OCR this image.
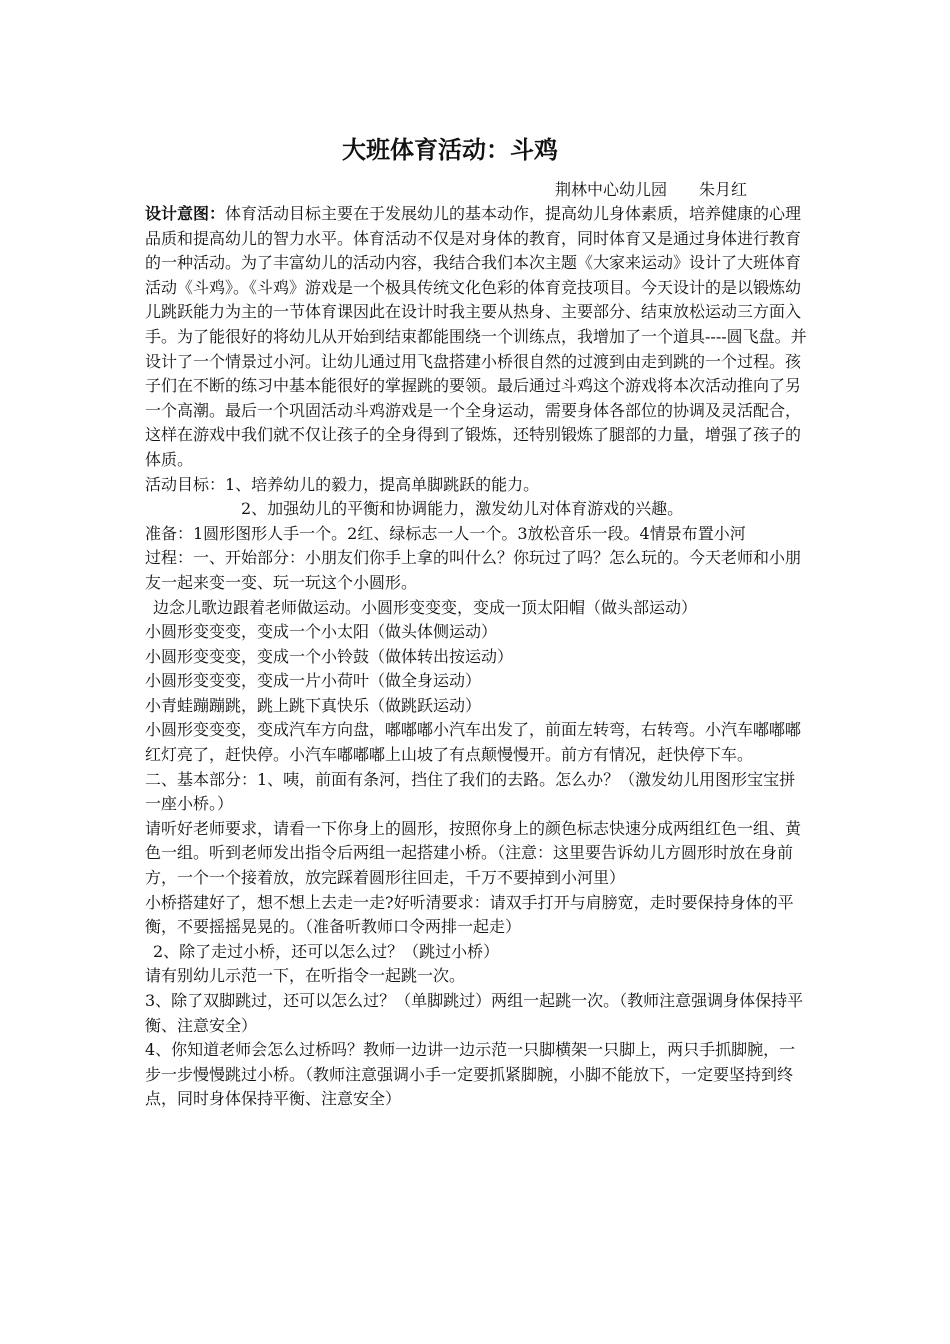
大班体育活动：斗鸡
荆林中心幼儿园　　朱月红

设计意图：体育活动目标主要在于发展幼儿的基本动作，提高幼儿身体素质，培养健康的心理品质和提高幼儿的智力水平。体育活动不仅是对身体的教育，同时体育又是通过身体进行教育的一种活动。为了丰富幼儿的活动内容，我结合我们本次主题《大家来运动》设计了大班体育活动《斗鸡》。《斗鸡》游戏是一个极具传统文化色彩的体育竞技项目。今天设计的是以锻炼幼儿跳跃能力为主的一节体育课因此在设计时我主要从热身、主要部分、结束放松运动三方面入手。为了能很好的将幼儿从开始到结束都能围绕一个训练点，我增加了一个道具----圆飞盘。并设计了一个情景过小河。让幼儿通过用飞盘搭建小桥很自然的过渡到由走到跳的一个过程。孩子们在不断的练习中基本能很好的掌握跳的要领。最后通过斗鸡这个游戏将本次活动推向了另一个高潮。最后一个巩固活动斗鸡游戏是一个全身运动，需要身体各部位的协调及灵活配合，这样在游戏中我们就不仅让孩子的全身得到了锻炼，还特别锻炼了腿部的力量，增强了孩子的体质。

活动目标：1、培养幼儿的毅力，提高单脚跳跃的能力。

2、加强幼儿的平衡和协调能力，激发幼儿对体育游戏的兴趣。

准备：1圆形图形人手一个。2红、绿标志一人一个。3放松音乐一段。4情景布置小河

过程：一、开始部分：小朋友们你手上拿的叫什么？你玩过了吗？怎么玩的。今天老师和小朋友一起来变一变、玩一玩这个小圆形。

边念儿歌边跟着老师做运动。小圆形变变变，变成一顶太阳帽（做头部运动）

小圆形变变变，变成一个小太阳（做头体侧运动）

小圆形变变变，变成一个小铃鼓（做体转出按运动）

小圆形变变变，变成一片小荷叶（做全身运动）

小青蛙蹦蹦跳，跳上跳下真快乐（做跳跃运动）

小圆形变变变，变成汽车方向盘，嘟嘟嘟小汽车出发了，前面左转弯，右转弯。小汽车嘟嘟嘟红灯亮了，赶快停。小汽车嘟嘟嘟上山坡了有点颠慢慢开。前方有情况，赶快停下车。

二、基本部分：1、咦，前面有条河，挡住了我们的去路。怎么办？（激发幼儿用图形宝宝拼一座小桥。）

请听好老师要求，请看一下你身上的圆形，按照你身上的颜色标志快速分成两组红色一组、黄色一组。听到老师发出指令后两组一起搭建小桥。（注意：这里要告诉幼儿方圆形时放在身前方，一个一个接着放，放完踩着圆形往回走，千万不要掉到小河里）

小桥搭建好了，想不想上去走一走?好听清要求：请双手打开与肩膀宽，走时要保持身体的平衡，不要摇摇晃晃的。（准备听教师口令两排一起走）

2、除了走过小桥，还可以怎么过？（跳过小桥）

请有别幼儿示范一下，在听指令一起跳一次。

3、除了双脚跳过，还可以怎么过？（单脚跳过）两组一起跳一次。（教师注意强调身体保持平衡、注意安全）

4、你知道老师会怎么过桥吗？教师一边讲一边示范一只脚横架一只脚上，两只手抓脚腕，一步一步慢慢跳过小桥。（教师注意强调小手一定要抓紧脚腕，小脚不能放下，一定要坚持到终点，同时身体保持平衡、注意安全）
